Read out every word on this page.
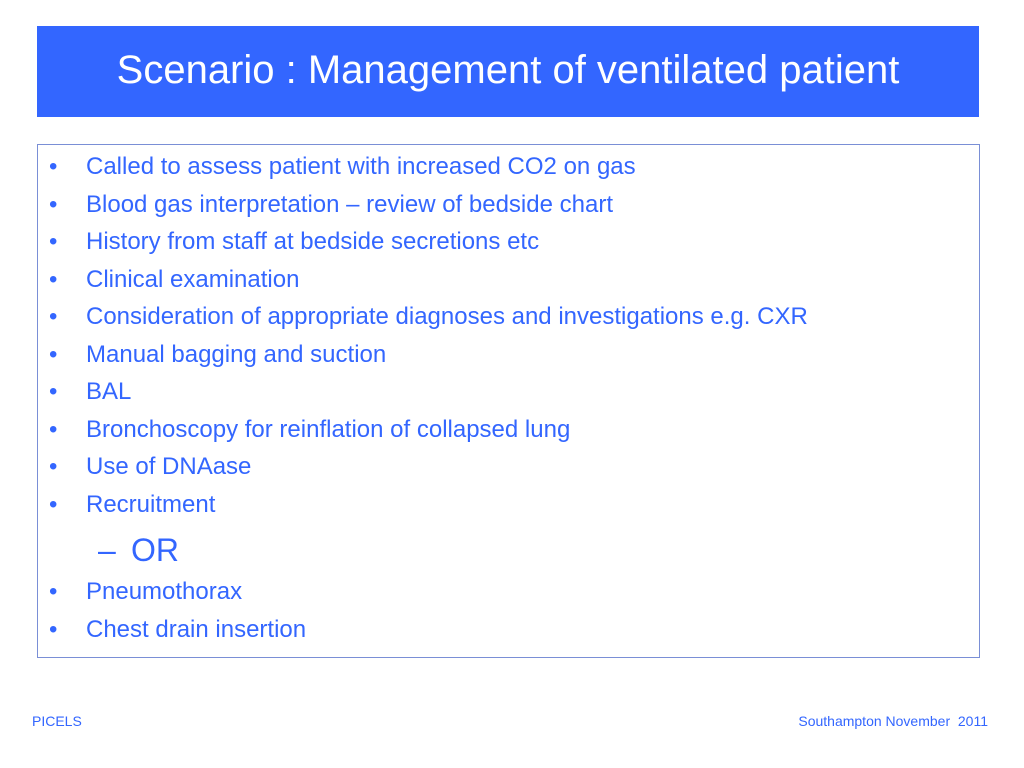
Scenario : Management of ventilated patient
•	Called to assess patient with increased CO2 on gas
•	Blood gas interpretation – review of bedside chart
•	History from staff at bedside secretions etc
•	Clinical examination
•	Consideration of appropriate diagnoses and investigations e.g. CXR
•	Manual bagging and suction
•	BAL
•	Bronchoscopy for reinflation of collapsed lung
•	Use of DNAase
•	Recruitment
– OR
•	Pneumothorax
•	Chest drain insertion
PICELS	Southampton November  2011
